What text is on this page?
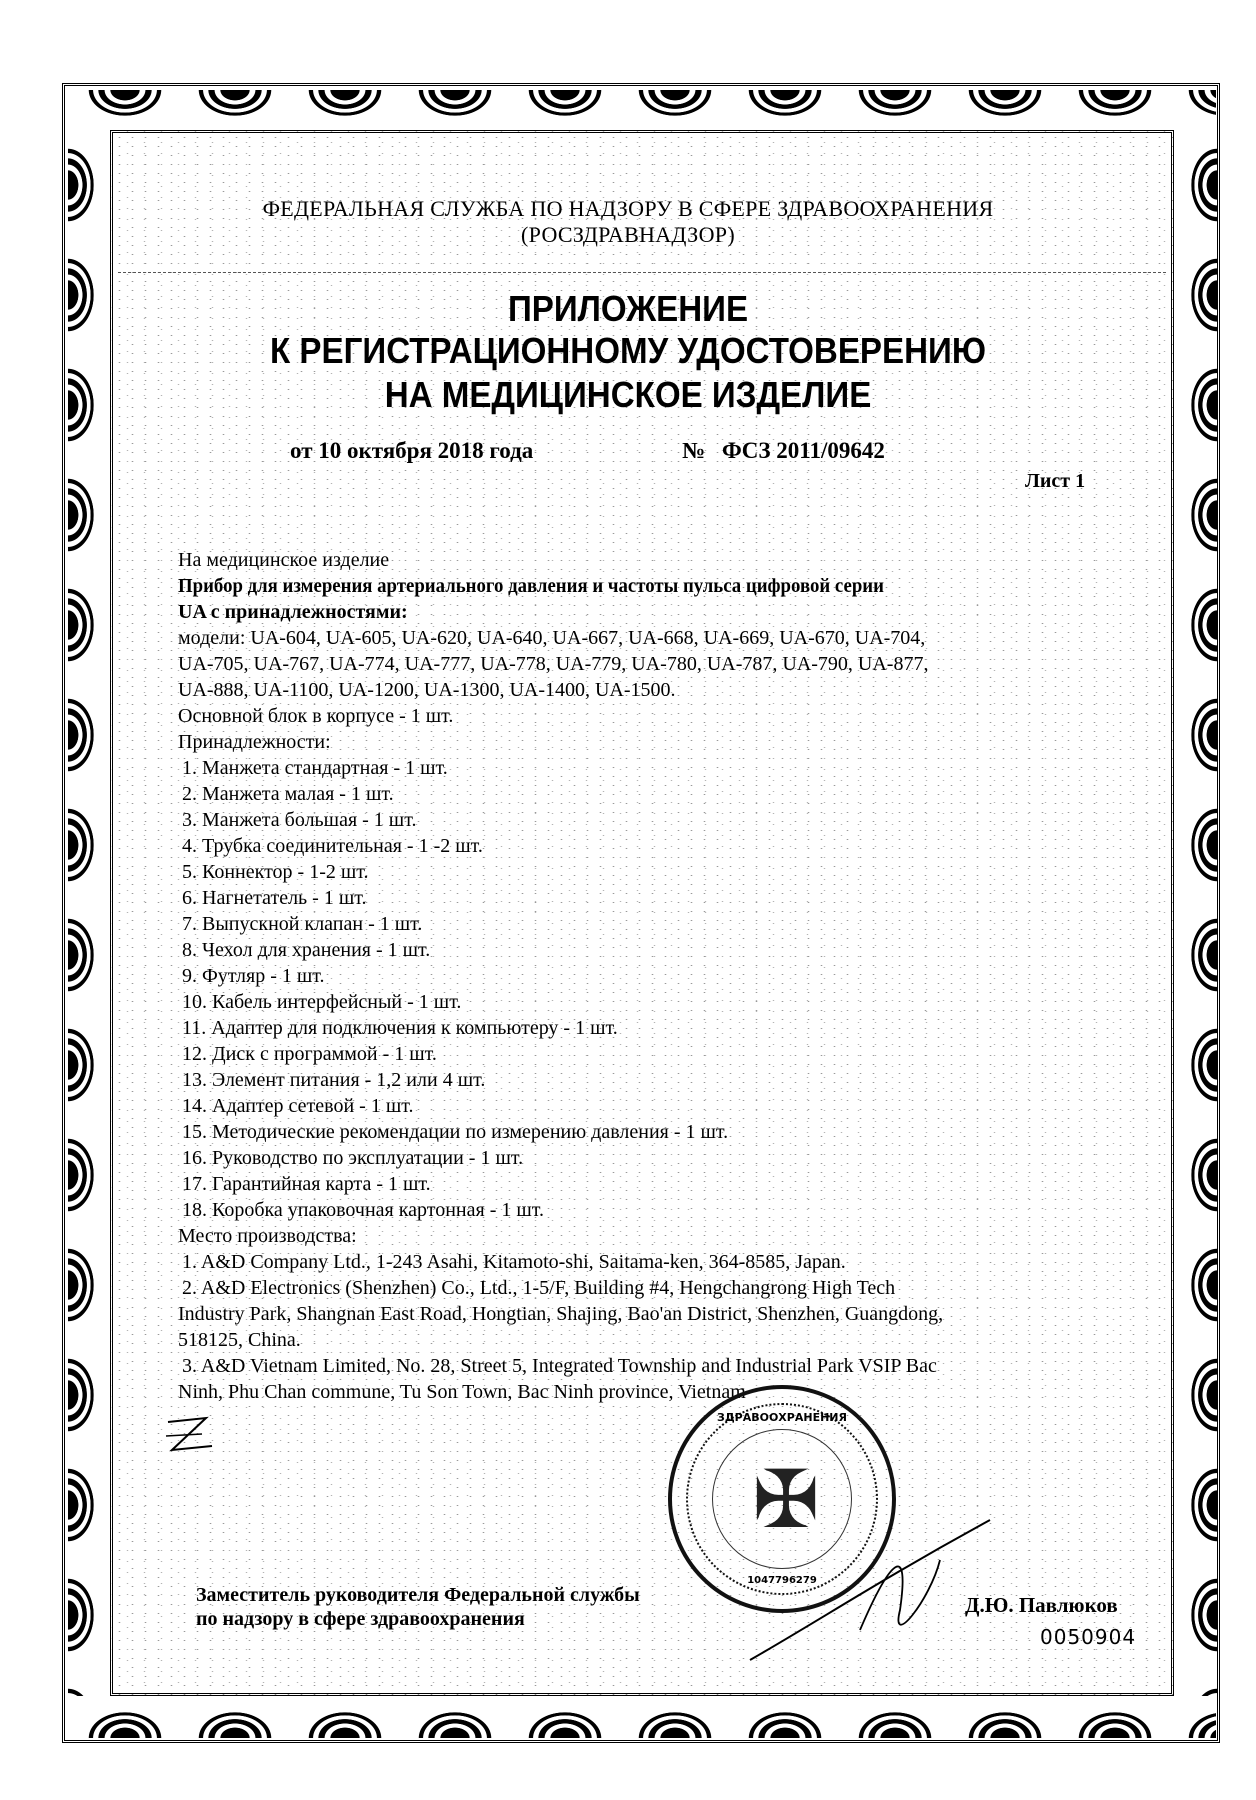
ФЕДЕРАЛЬНАЯ СЛУЖБА ПО НАДЗОРУ В СФЕРЕ ЗДРАВООХРАНЕНИЯ
(РОСЗДРАВНАДЗОР)
ПРИЛОЖЕНИЕ
К РЕГИСТРАЦИОННОМУ УДОСТОВЕРЕНИЮ
НА МЕДИЦИНСКОЕ ИЗДЕЛИЕ
от 10 октября 2018 года	№ ФСЗ 2011/09642
Лист 1
На медицинское изделие
Прибор для измерения артериального давления и частоты пульса цифровой серии
UA с принадлежностями:
модели: UA-604, UA-605, UA-620, UA-640, UA-667, UA-668, UA-669, UA-670, UA-704,
UA-705, UA-767, UA-774, UA-777, UA-778, UA-779, UA-780, UA-787, UA-790, UA-877,
UA-888, UA-1100, UA-1200, UA-1300, UA-1400, UA-1500.
Основной блок в корпусе - 1 шт.
Принадлежности:
1. Манжета стандартная - 1 шт.
2. Манжета малая - 1 шт.
3. Манжета большая - 1 шт.
4. Трубка соединительная - 1 -2 шт.
5. Коннектор - 1-2 шт.
6. Нагнетатель - 1 шт.
7. Выпускной клапан - 1 шт.
8. Чехол для хранения - 1 шт.
9. Футляр - 1 шт.
10. Кабель интерфейсный - 1 шт.
11. Адаптер для подключения к компьютеру - 1 шт.
12. Диск с программой - 1 шт.
13. Элемент питания - 1,2 или 4 шт.
14. Адаптер сетевой - 1 шт.
15. Методические рекомендации по измерению давления - 1 шт.
16. Руководство по эксплуатации - 1 шт.
17. Гарантийная карта - 1 шт.
18. Коробка упаковочная картонная - 1 шт.
Место производства:
1. A&D Company Ltd., 1-243 Asahi, Kitamoto-shi, Saitama-ken, 364-8585, Japan.
2. A&D Electronics (Shenzhen) Co., Ltd., 1-5/F, Building #4, Hengchangrong High Tech
Industry Park, Shangnan East Road, Hongtian, Shajing, Bao'an District, Shenzhen, Guangdong,
518125, China.
3. A&D Vietnam Limited, No. 28, Street 5, Integrated Township and Industrial Park VSIP Bac
Ninh, Phu Chan commune, Tu Son Town, Bac Ninh province, Vietnam
ЗДРАВООХРАНЕНИЯ
✠
1047796279
Заместитель руководителя Федеральной службы
по надзору в сфере здравоохранения
Д.Ю. Павлюков
0050904
